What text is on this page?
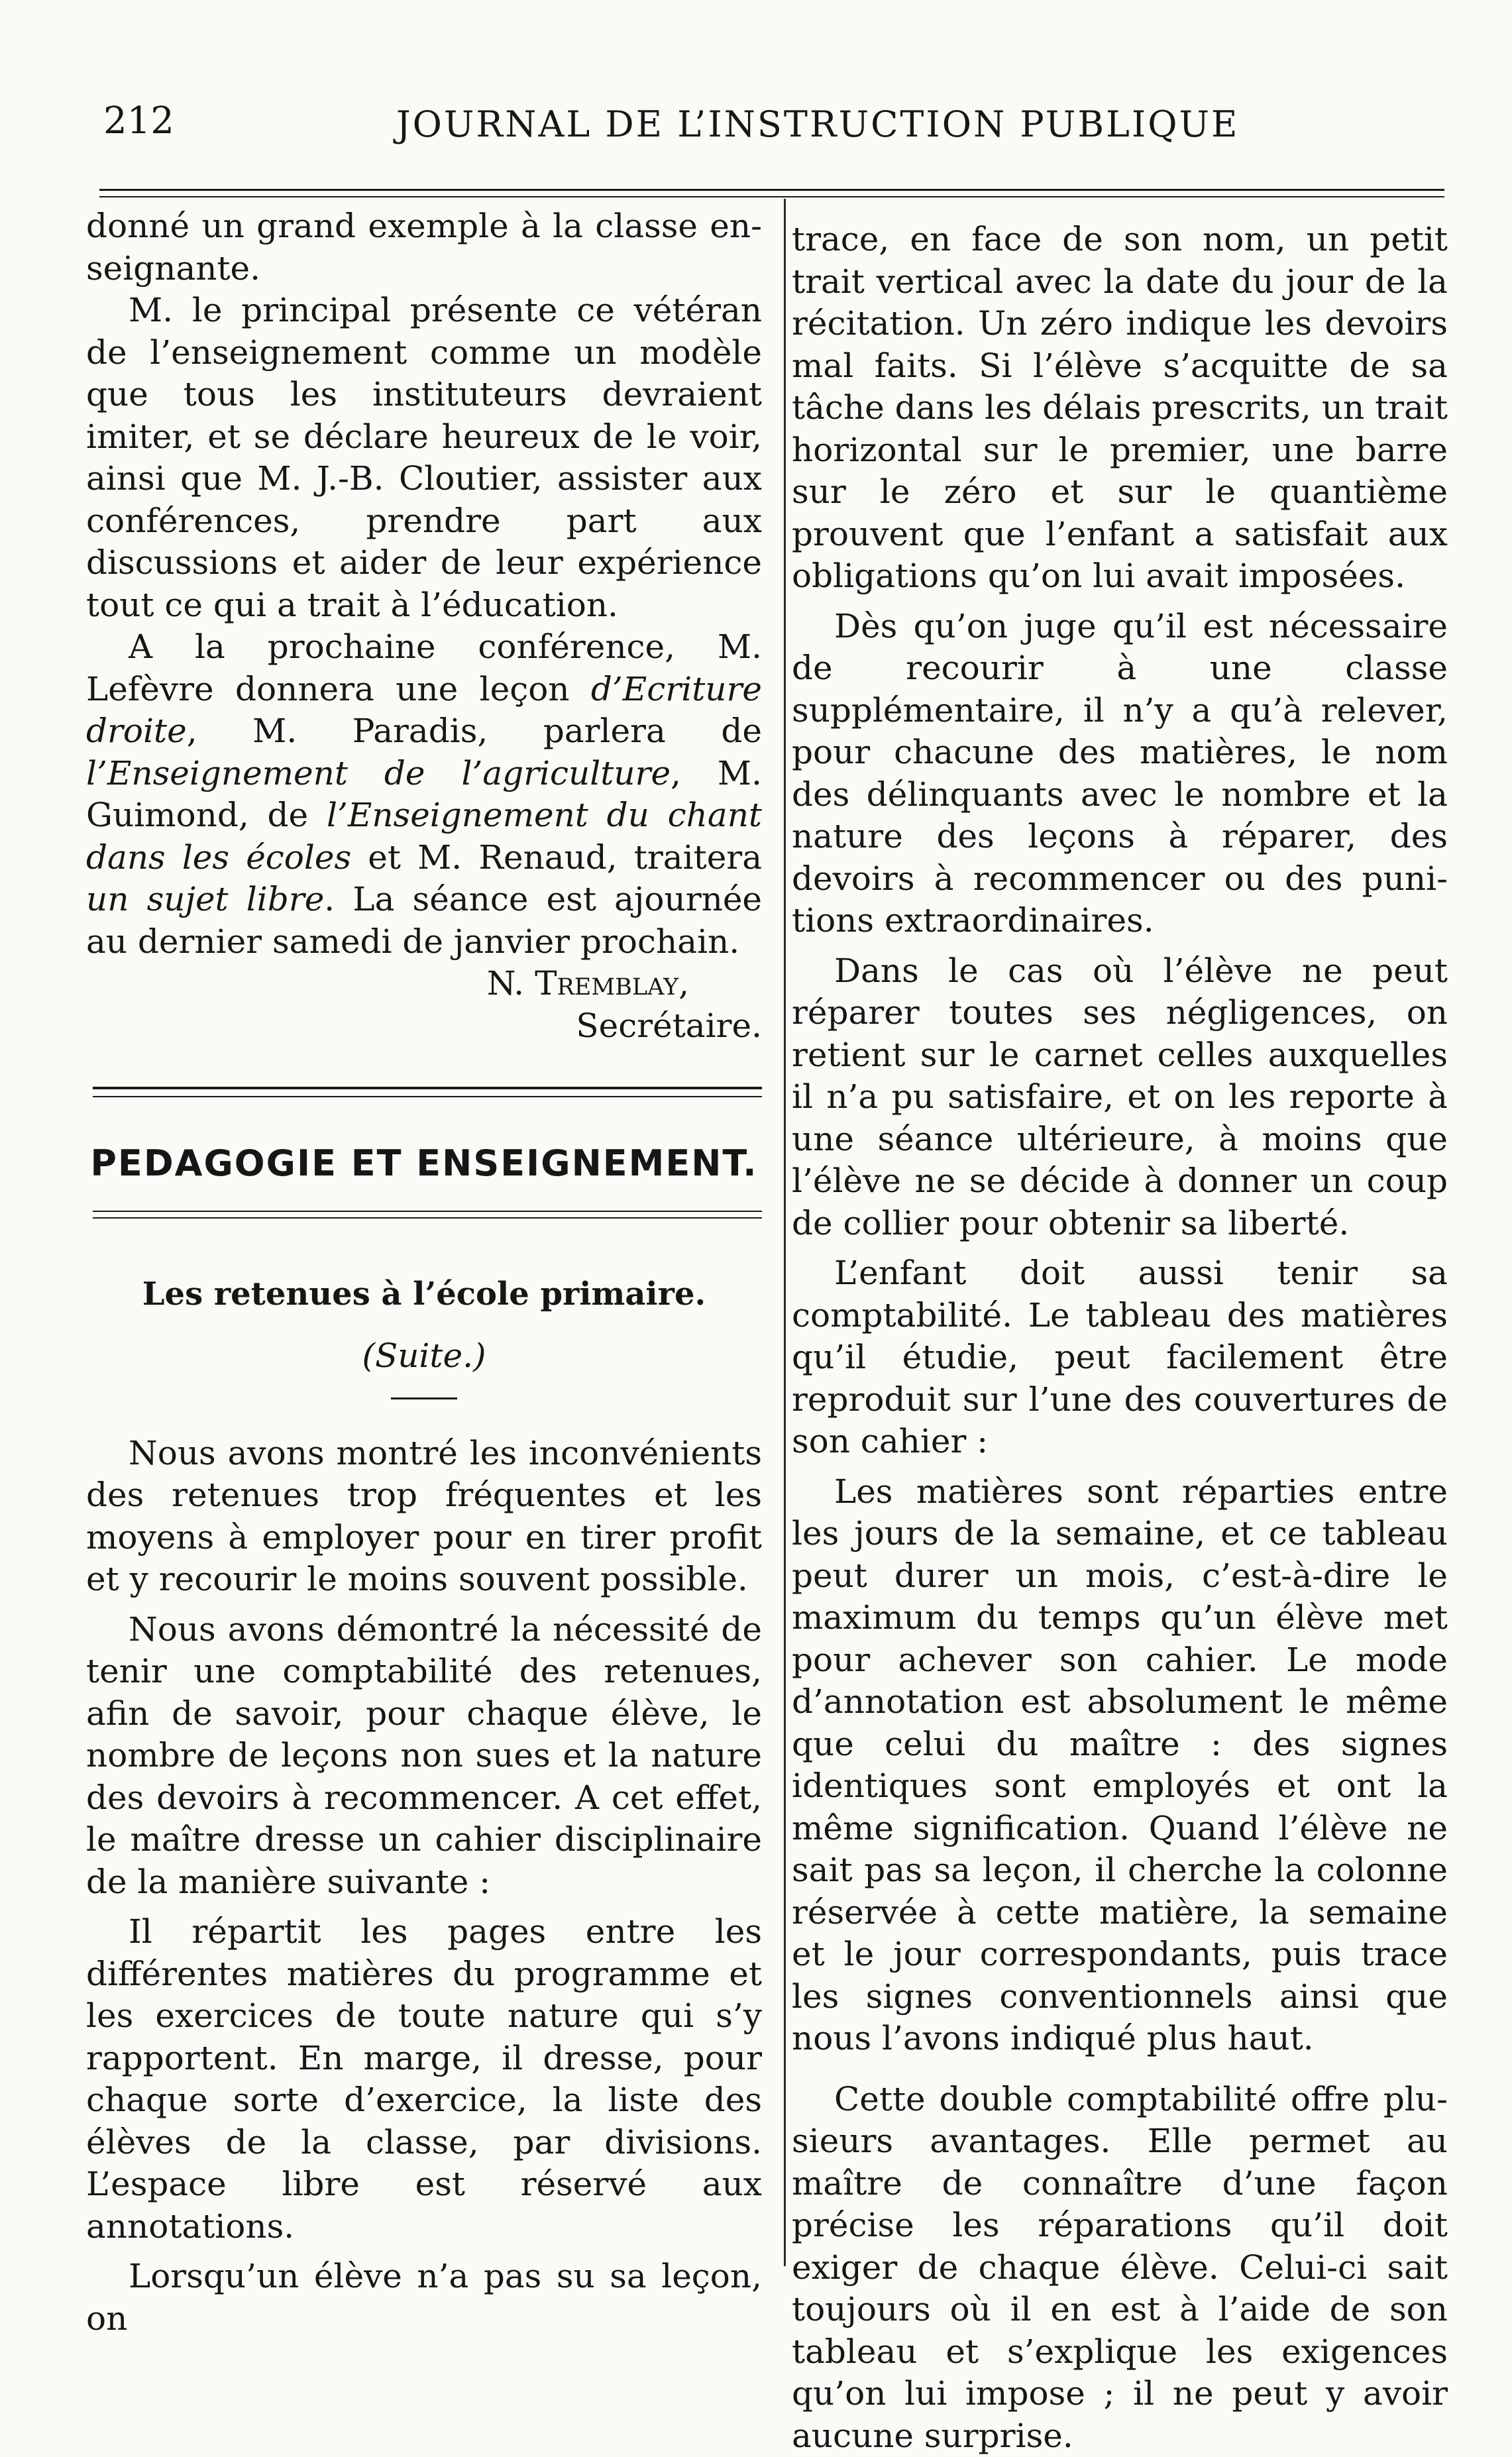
212	JOURNAL DE L’INSTRUCTION PUBLIQUE

donné un grand exemple à la classe enseignante.

M. le principal présente ce vétéran de l’enseignement comme un modèle que tous les instituteurs devraient imiter, et se déclare heureux de le voir, ainsi que M. J.-B. Cloutier, assister aux conférences, prendre part aux discussions et aider de leur expérience tout ce qui a trait à l’éducation.

A la prochaine conférence, M. Lefèvre donnera une leçon d’Ecriture droite, M. Paradis, parlera de l’Enseignement de l’agriculture, M. Guimond, de l’Enseignement du chant dans les écoles et M. Renaud, traitera un sujet libre. La séance est ajournée au dernier samedi de janvier prochain.

N. Tremblay,

Secrétaire.

PEDAGOGIE ET ENSEIGNEMENT.
Les retenues à l’école primaire.
(Suite.)

Nous avons montré les inconvénients des retenues trop fréquentes et les moyens à employer pour en tirer profit et y recourir le moins souvent possible.

Nous avons démontré la nécessité de tenir une comptabilité des retenues, afin de savoir, pour chaque élève, le nombre de leçons non sues et la nature des devoirs à recommencer. A cet effet, le maître dresse un cahier disciplinaire de la manière suivante :

Il répartit les pages entre les différentes matières du programme et les exercices de toute nature qui s’y rapportent. En marge, il dresse, pour chaque sorte d’exercice, la liste des élèves de la classe, par divisions. L’espace libre est réservé aux annotations.

Lorsqu’un élève n’a pas su sa leçon, on

trace, en face de son nom, un petit trait vertical avec la date du jour de la récitation. Un zéro indique les devoirs mal faits. Si l’élève s’acquitte de sa tâche dans les délais prescrits, un trait horizontal sur le premier, une barre sur le zéro et sur le quantième prouvent que l’enfant a satisfait aux obligations qu’on lui avait imposées.

Dès qu’on juge qu’il est nécessaire de recourir à une classe supplémentaire, il n’y a qu’à relever, pour chacune des matières, le nom des délinquants avec le nombre et la nature des leçons à réparer, des devoirs à recommencer ou des punitions extraordinaires.

Dans le cas où l’élève ne peut réparer toutes ses négligences, on retient sur le carnet celles auxquelles il n’a pu satisfaire, et on les reporte à une séance ultérieure, à moins que l’élève ne se décide à donner un coup de collier pour obtenir sa liberté.

L’enfant doit aussi tenir sa comptabilité. Le tableau des matières qu’il étudie, peut facilement être reproduit sur l’une des couvertures de son cahier :

Les matières sont réparties entre les jours de la semaine, et ce tableau peut durer un mois, c’est-à-dire le maximum du temps qu’un élève met pour achever son cahier. Le mode d’annotation est absolument le même que celui du maître : des signes identiques sont employés et ont la même signification. Quand l’élève ne sait pas sa leçon, il cherche la colonne réservée à cette matière, la semaine et le jour correspondants, puis trace les signes conventionnels ainsi que nous l’avons indiqué plus haut.

Cette double comptabilité offre plusieurs avantages. Elle permet au maître de connaître d’une façon précise les réparations qu’il doit exiger de chaque élève. Celui-ci sait toujours où il en est à l’aide de son tableau et s’explique les exigences qu’on lui impose ; il ne peut y avoir aucune surprise.
